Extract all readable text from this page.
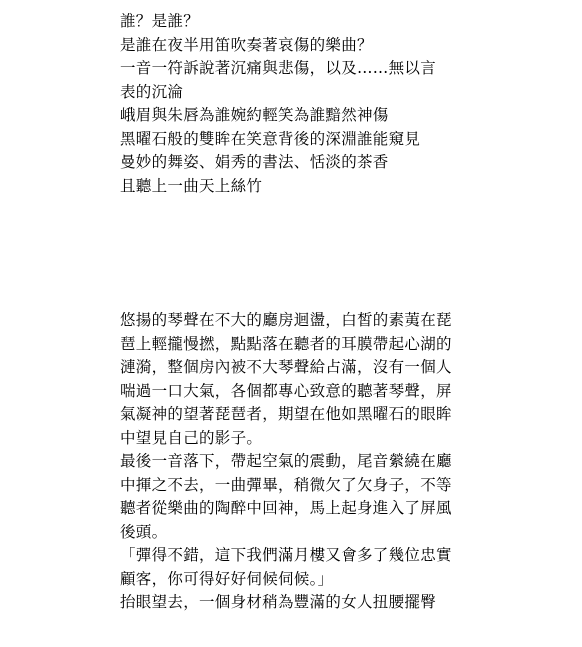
誰？是誰？

是誰在夜半用笛吹奏著哀傷的樂曲？

一音一符訴說著沉痛與悲傷，以及……無以言

表的沉淪

峨眉與朱唇為誰婉約輕笑為誰黯然神傷

黑曜石般的雙眸在笑意背後的深淵誰能窺見

曼妙的舞姿、娟秀的書法、恬淡的茶香

且聽上一曲天上絲竹

悠揚的琴聲在不大的廳房迴盪，白皙的素荑在琵琶上輕攏慢撚，點點落在聽者的耳膜帶起心湖的漣漪，整個房內被不大琴聲給占滿，沒有一個人喘過一口大氣，各個都專心致意的聽著琴聲，屏氣凝神的望著琵琶者，期望在他如黑曜石的眼眸中望見自己的影子。

最後一音落下，帶起空氣的震動，尾音縈繞在廳中揮之不去，一曲彈畢，稍微欠了欠身子，不等聽者從樂曲的陶醉中回神，馬上起身進入了屏風後頭。

「彈得不錯，這下我們滿月樓又會多了幾位忠實顧客，你可得好好伺候伺候。」

抬眼望去，一個身材稍為豐滿的女人扭腰擺臀
